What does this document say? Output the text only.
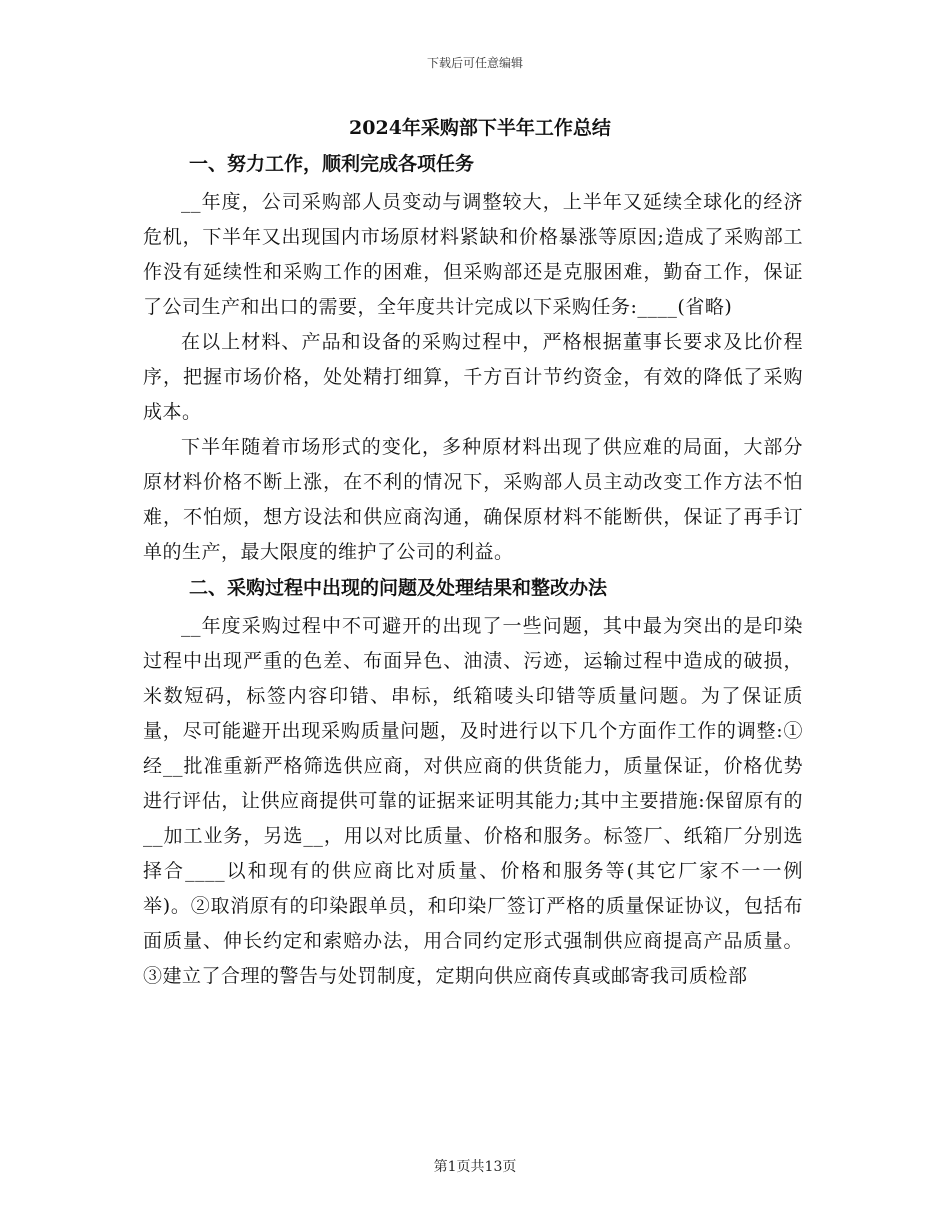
下载后可任意编辑
2024年采购部下半年工作总结
一、努力工作，顺利完成各项任务

__年度，公司采购部人员变动与调整较大，上半年又延续全球化的经济危机，下半年又出现国内市场原材料紧缺和价格暴涨等原因;造成了采购部工作没有延续性和采购工作的困难，但采购部还是克服困难，勤奋工作，保证了公司生产和出口的需要，全年度共计完成以下采购任务:____(省略)

在以上材料、产品和设备的采购过程中，严格根据董事长要求及比价程序，把握市场价格，处处精打细算，千方百计节约资金，有效的降低了采购成本。

下半年随着市场形式的变化，多种原材料出现了供应难的局面，大部分原材料价格不断上涨，在不利的情况下，采购部人员主动改变工作方法不怕难，不怕烦，想方设法和供应商沟通，确保原材料不能断供，保证了再手订单的生产，最大限度的维护了公司的利益。

二、采购过程中出现的问题及处理结果和整改办法

__年度采购过程中不可避开的出现了一些问题，其中最为突出的是印染过程中出现严重的色差、布面异色、油渍、污迹，运输过程中造成的破损，米数短码，标签内容印错、串标，纸箱唛头印错等质量问题。为了保证质量，尽可能避开出现采购质量问题，及时进行以下几个方面作工作的调整:①经__批准重新严格筛选供应商，对供应商的供货能力，质量保证，价格优势进行评估，让供应商提供可靠的证据来证明其能力;其中主要措施:保留原有的__加工业务，另选__，用以对比质量、价格和服务。标签厂、纸箱厂分别选择合____以和现有的供应商比对质量、价格和服务等(其它厂家不一一例举)。②取消原有的印染跟单员，和印染厂签订严格的质量保证协议，包括布面质量、伸长约定和索赔办法，用合同约定形式强制供应商提高产品质量。③建立了合理的警告与处罚制度，定期向供应商传真或邮寄我司质检部

第1页共13页
